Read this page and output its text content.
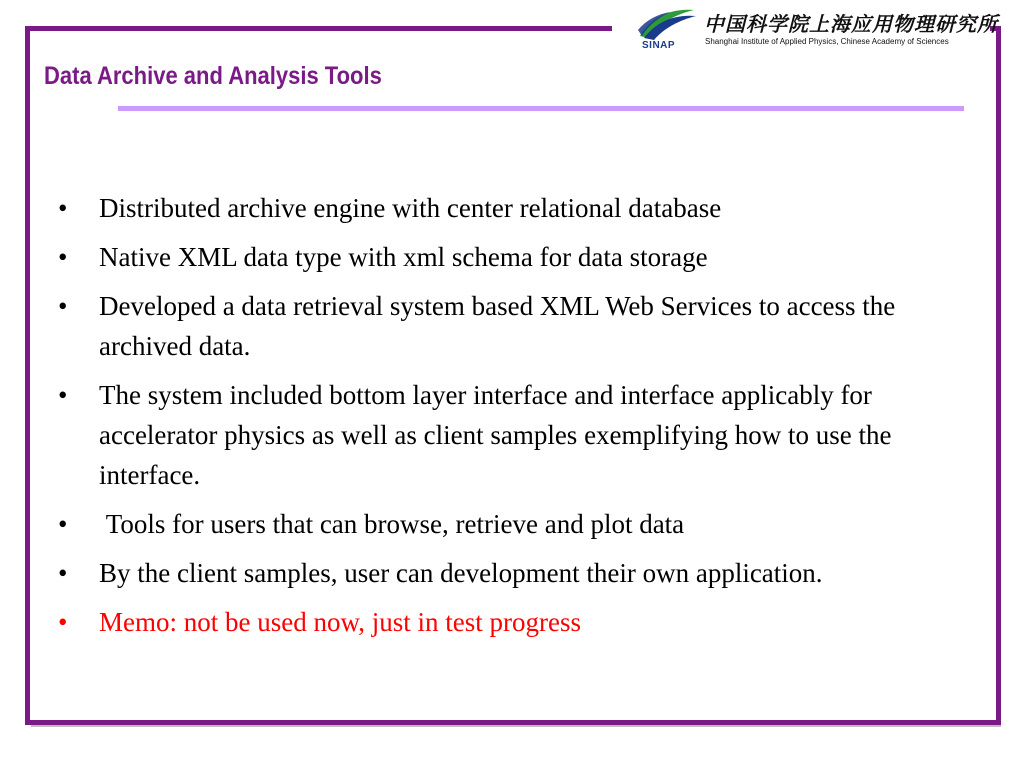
SINAP
中国科学院上海应用物理研究所
Shanghai Institute of Applied Physics, Chinese Academy of Sciences
Data Archive and Analysis Tools
• Distributed archive engine with center relational database
• Native XML data type with xml schema for data storage
• Developed a data retrieval system based XML Web Services to access the archived data.
• The system included bottom layer interface and interface applicably for accelerator physics as well as client samples exemplifying how to use the interface.
• Tools for users that can browse, retrieve and plot data
• By the client samples, user can development their own application.
• Memo: not be used now, just in test progress
